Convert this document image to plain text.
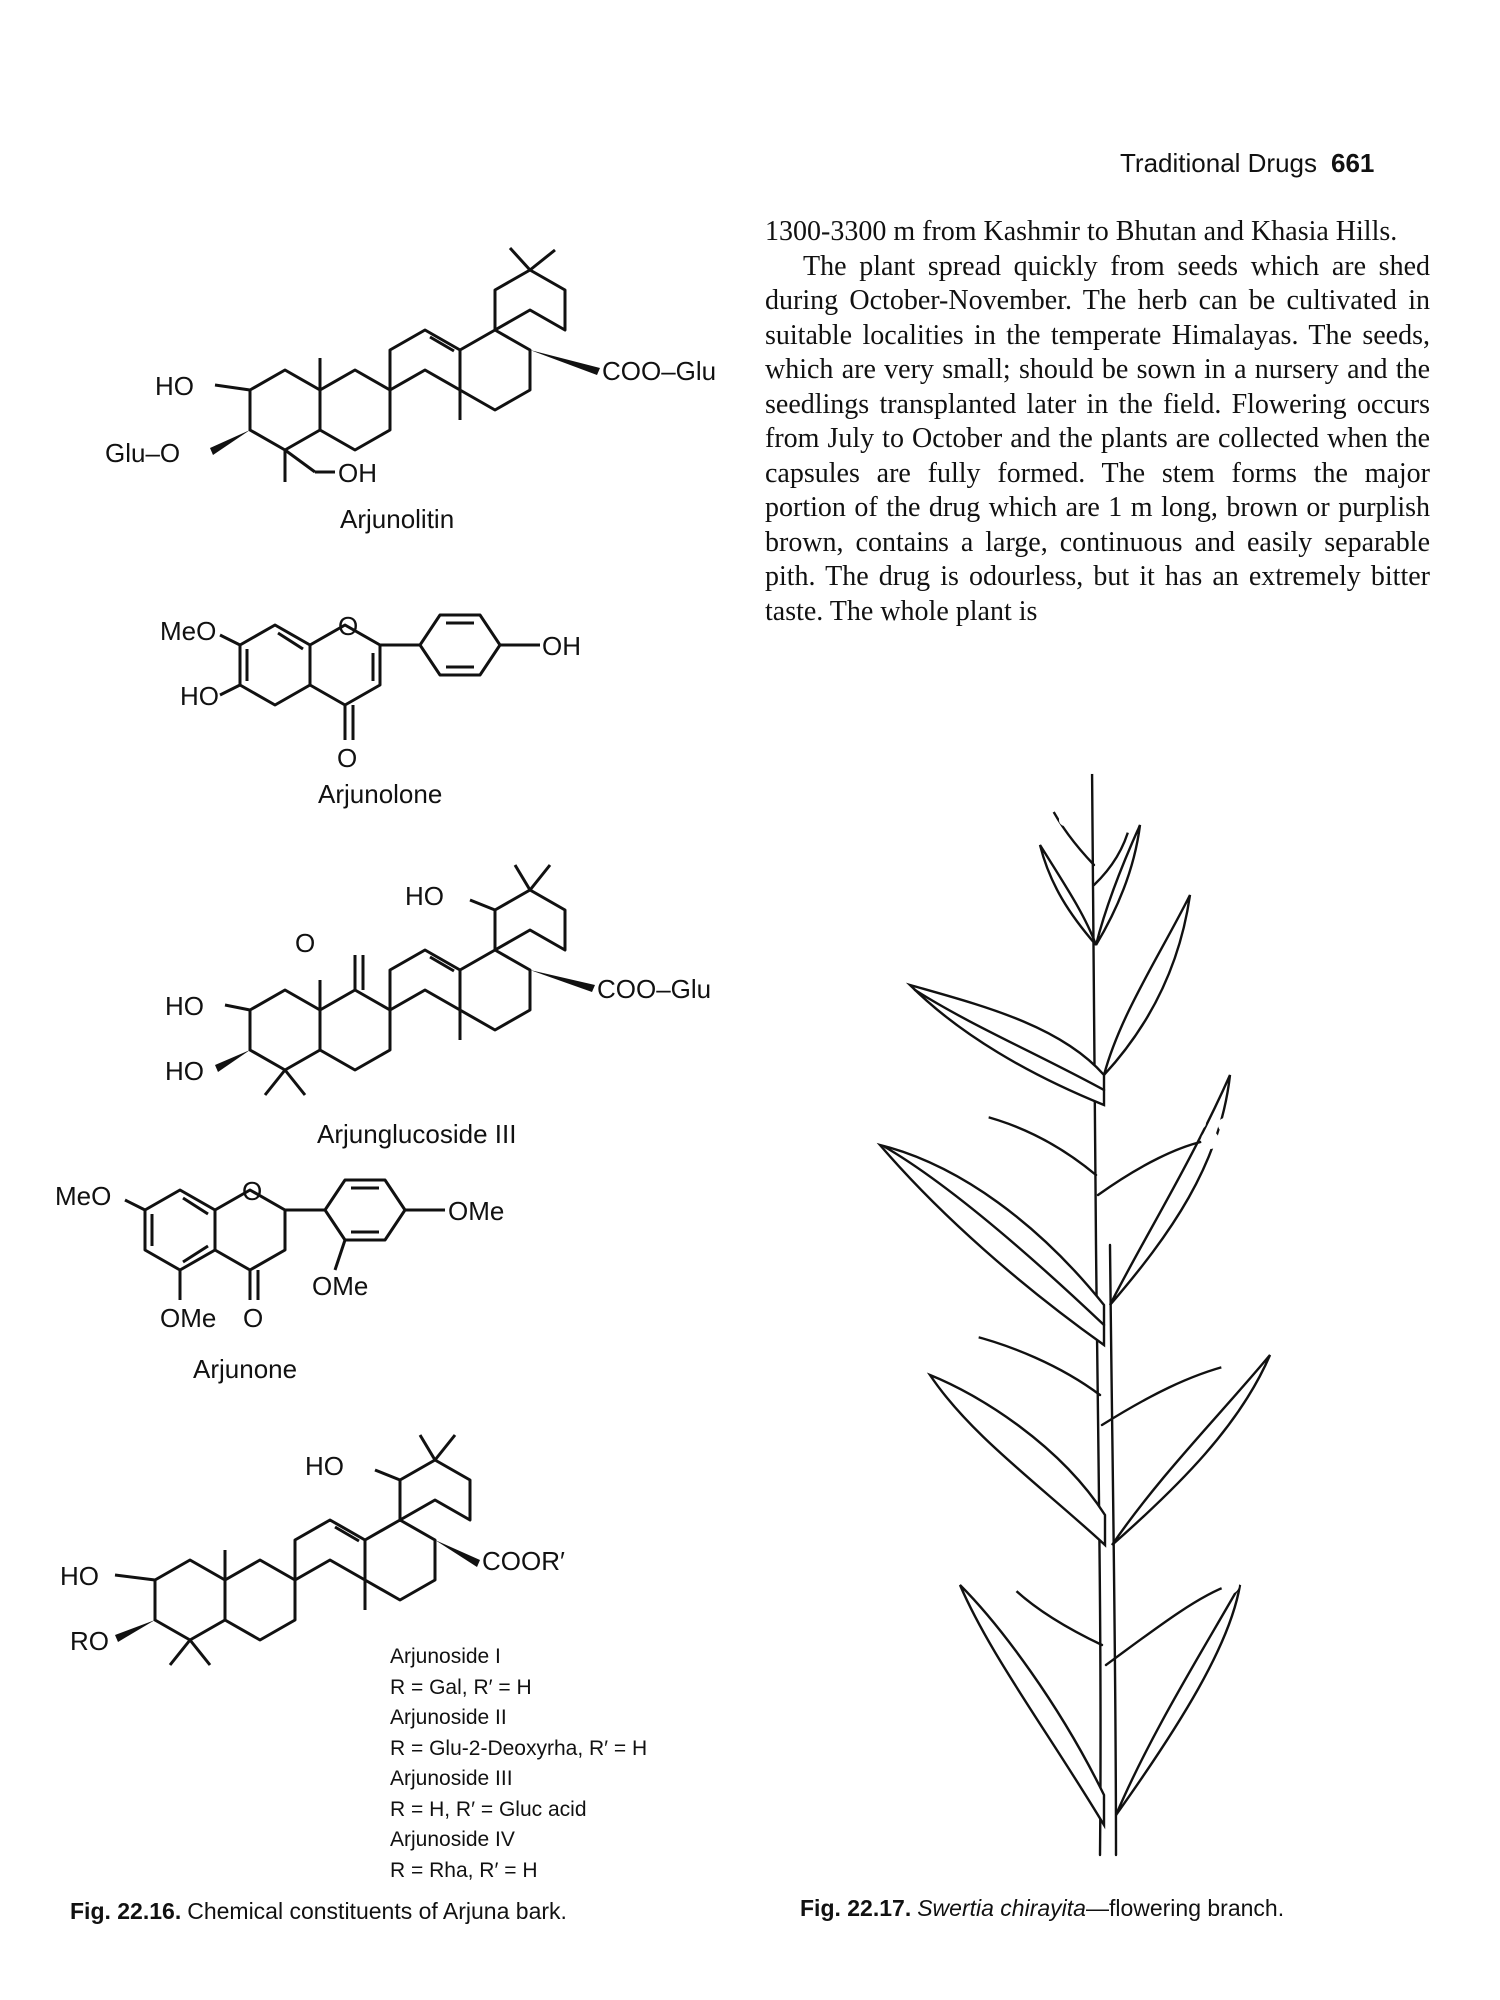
Traditional Drugs 661

1300-3300 m from Kashmir to Bhutan and Khasia Hills.

The plant spread quickly from seeds which are shed during October-November. The herb can be cultivated in suitable localities in the temperate Himalayas. The seeds, which are very small; should be sown in a nursery and the seedlings transplanted later in the field. Flowering occurs from July to October and the plants are collected when the capsules are fully formed. The stem forms the major portion of the drug which are 1 m long, brown or purplish brown, contains a large, continuous and easily separable pith. The drug is odourless, but it has an extremely bitter taste. The whole plant is

COO–Glu
HO
Glu–O
OH
Arjunolitin
O
O
OH
MeO
HO
Arjunolone
O
HO
COO–Glu
HO
HO
Arjunglucoside III
O
O
OMe
OMe
MeO
OMe
Arjunone
HO
COOR′
HO
RO
Arjunoside I
R = Gal, R′ = H
Arjunoside II
R = Glu-2-Deoxyrha, R′ = H
Arjunoside III
R = H, R′ = Gluc acid
Arjunoside IV
R = Rha, R′ = H
Fig. 22.16. Chemical constituents of Arjuna bark.	Fig. 22.17. Swertia chirayita—flowering branch.
